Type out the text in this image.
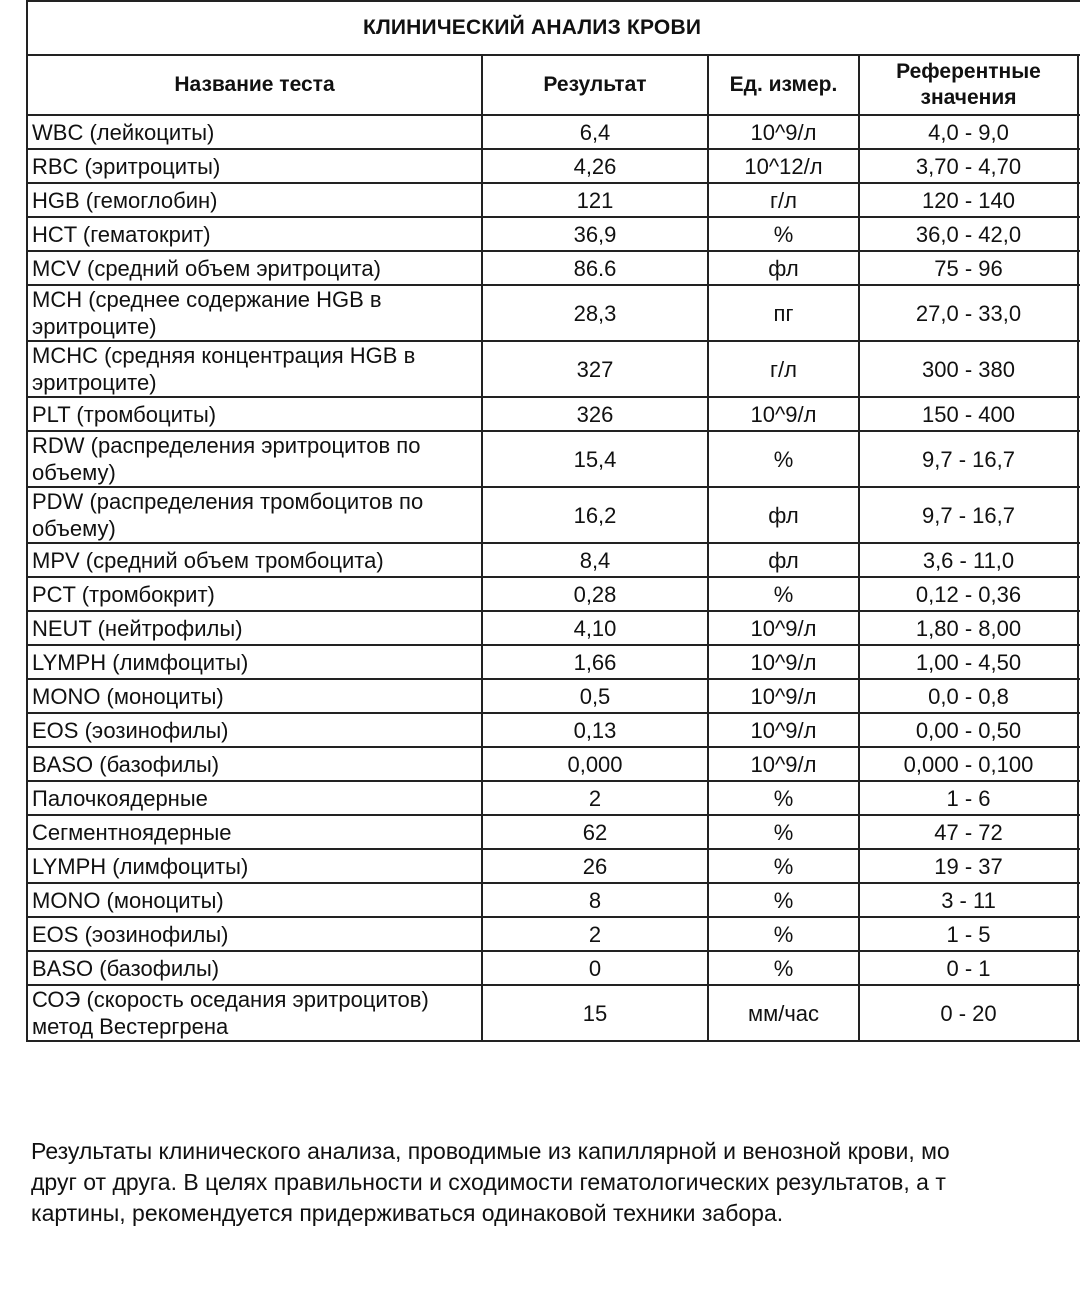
КЛИНИЧЕСКИЙ АНАЛИЗ КРОВИ				
Название теста	Результат	Ед. измер.	Референтные
значения	

WBC (лейкоциты)	6,4	10^9/л	4,0 - 9,0	

RBC (эритроциты)	4,26	10^12/л	3,70 - 4,70	

HGB (гемоглобин)	121	г/л	120 - 140	

HCT (гематокрит)	36,9	%	36,0 - 42,0	

MCV (средний объем эритроцита)	86.6	фл	75 - 96	

MCH (среднее содержание HGB в
эритроците)	28,3	пг	27,0 - 33,0	

MCHC (средняя концентрация HGB в
эритроците)	327	г/л	300 - 380	

PLT (тромбоциты)	326	10^9/л	150 - 400	

RDW (распределения эритроцитов по
объему)	15,4	%	9,7 - 16,7	

PDW (распределения тромбоцитов по
объему)	16,2	фл	9,7 - 16,7	

MPV (средний объем тромбоцита)	8,4	фл	3,6 - 11,0	

PCT (тромбокрит)	0,28	%	0,12 - 0,36	

NEUT (нейтрофилы)	4,10	10^9/л	1,80 - 8,00	

LYMPH (лимфоциты)	1,66	10^9/л	1,00 - 4,50	

MONO (моноциты)	0,5	10^9/л	0,0 - 0,8	

EOS (эозинофилы)	0,13	10^9/л	0,00 - 0,50	

BASO (базофилы)	0,000	10^9/л	0,000 - 0,100	

Палочкоядерные	2	%	1 - 6	

Сегментноядерные	62	%	47 - 72	

LYMPH (лимфоциты)	26	%	19 - 37	

MONO (моноциты)	8	%	3 - 11	

EOS (эозинофилы)	2	%	1 - 5	

BASO (базофилы)	0	%	0 - 1	

СОЭ (скорость оседания эритроцитов)
метод Вестергрена	15	мм/час	0 - 20	
Результаты клинического анализа, проводимые из капиллярной и венозной крови, мо
друг от друга. В целях правильности и сходимости гематологических результатов, а т
картины, рекомендуется придерживаться одинаковой техники забора.
